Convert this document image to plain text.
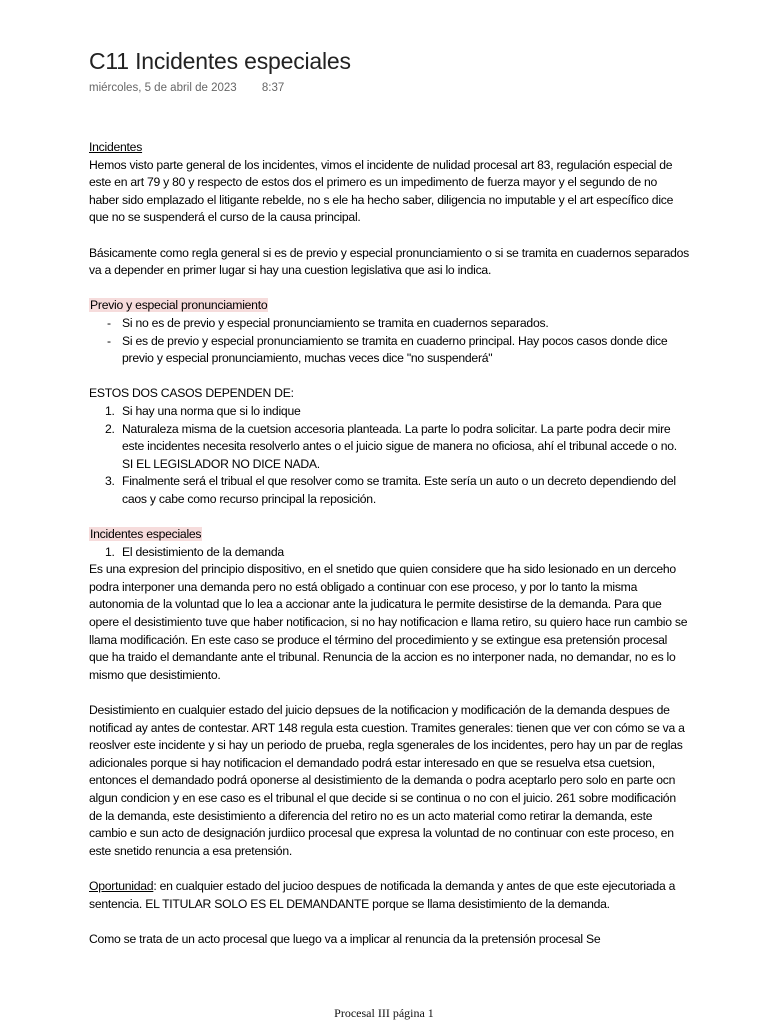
C11 Incidentes especiales
miércoles, 5 de abril de 2023 8:37

Incidentes

Hemos visto parte general de los incidentes, vimos el incidente de nulidad procesal art 83, regulación especial de este en art 79 y 80 y respecto de estos dos el primero es un impedimento de fuerza mayor y el segundo de no haber sido emplazado el litigante rebelde, no s ele ha hecho saber, diligencia no imputable y el art específico dice que no se suspenderá el curso de la causa principal.

Básicamente como regla general si es de previo y especial pronunciamiento o si se tramita en cuadernos separados va a depender en primer lugar si hay una cuestion legislativa que asi lo indica.

Previo y especial pronunciamiento

- Si no es de previo y especial pronunciamiento se tramita en cuadernos separados.
- Si es de previo y especial pronunciamiento se tramita en cuaderno principal. Hay pocos casos donde dice previo y especial pronunciamiento, muchas veces dice "no suspenderá"

ESTOS DOS CASOS DEPENDEN DE:

1. Si hay una norma que si lo indique
2. Naturaleza misma de la cuetsion accesoria planteada. La parte lo podra solicitar. La parte podra decir mire este incidentes necesita resolverlo antes o el juicio sigue de manera no oficiosa, ahí el tribunal accede o no. SI EL LEGISLADOR NO DICE NADA.
3. Finalmente será el tribual el que resolver como se tramita. Este sería un auto o un decreto dependiendo del caos y cabe como recurso principal la reposición.

Incidentes especiales

1. El desistimiento de la demanda

Es una expresion del principio dispositivo, en el snetido que quien considere que ha sido lesionado en un derceho podra interponer una demanda pero no está obligado a continuar con ese proceso, y por lo tanto la misma autonomia de la voluntad que lo lea a accionar ante la judicatura le permite desistirse de la demanda. Para que opere el desistimiento tuve que haber notificacion, si no hay notificacion e llama retiro, su quiero hace run cambio se llama modificación. En este caso se produce el término del procedimiento y se extingue esa pretensión procesal que ha traido el demandante ante el tribunal. Renuncia de la accion es no interponer nada, no demandar, no es lo mismo que desistimiento.

Desistimiento en cualquier estado del juicio depsues de la notificacion y modificación de la demanda despues de notificad ay antes de contestar. ART 148 regula esta cuestion. Tramites generales: tienen que ver con cómo se va a reoslver este incidente y si hay un periodo de prueba, regla sgenerales de los incidentes, pero hay un par de reglas adicionales porque si hay notificacion el demandado podrá estar interesado en que se resuelva etsa cuetsion, entonces el demandado podrá oponerse al desistimiento de la demanda o podra aceptarlo pero solo en parte ocn algun condicion y en ese caso es el tribunal el que decide si se continua o no con el juicio. 261 sobre modificación de la demanda, este desistimiento a diferencia del retiro no es un acto material como retirar la demanda, este cambio e sun acto de designación jurdiico procesal que expresa la voluntad de no continuar con este proceso, en este snetido renuncia a esa pretensión.

Oportunidad: en cualquier estado del jucioo despues de notificada la demanda y antes de que este ejecutoriada a sentencia. EL TITULAR SOLO ES EL DEMANDANTE porque se llama desistimiento de la demanda.

Como se trata de un acto procesal que luego va a implicar al renuncia da la pretensión procesal Se

Procesal III página 1
